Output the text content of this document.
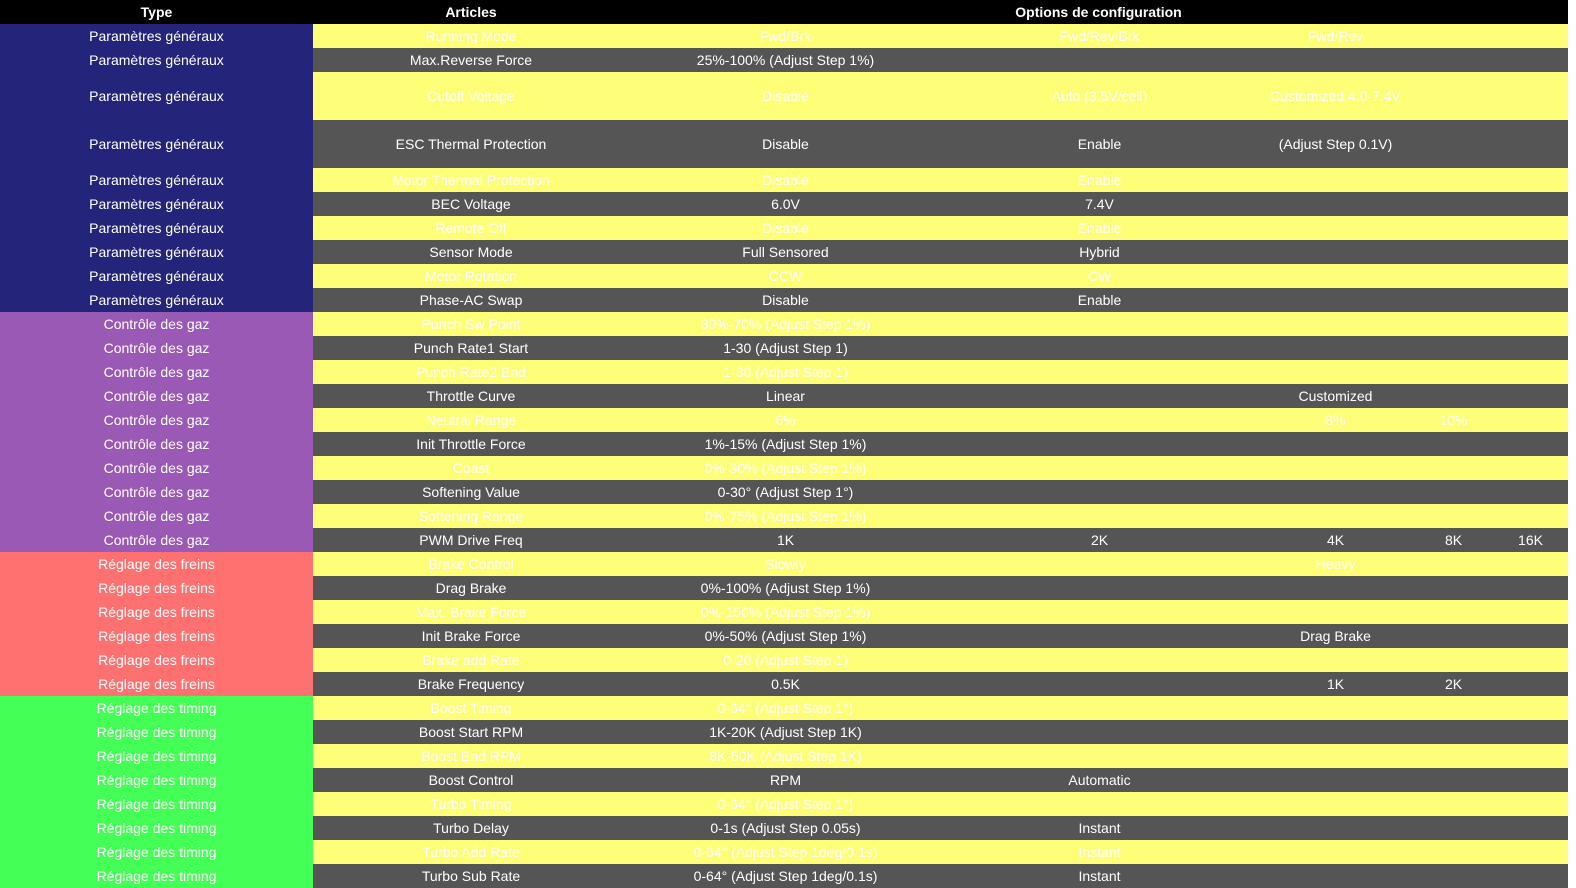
Type	Articles	Options de configuration				
Paramètres généraux	Running Mode	Fwd/Brk	Fwd/Rev/Brk	Fwd/Rev		
Paramètres généraux	Max.Reverse Force	25%-100% (Adjust Step 1%)				
Paramètres généraux	Cutoff Voltage	Disable	Auto (3.5V/cell)	Customized 4.0-7.4V		
Paramètres généraux	ESC Thermal Protection	Disable	Enable	(Adjust Step 0.1V)		
Paramètres généraux	Motor Thermal Protection	Disable	Enable			
Paramètres généraux	BEC Voltage	6.0V	7.4V			
Paramètres généraux	Remote Off	Disable	Enable			
Paramètres généraux	Sensor Mode	Full Sensored	Hybrid			
Paramètres généraux	Motor Rotation	CCW	CW			
Paramètres généraux	Phase-AC Swap	Disable	Enable			
Contrôle des gaz	Punch Sw Point	30%-70% (Adjust Step 1%)				
Contrôle des gaz	Punch Rate1 Start	1-30 (Adjust Step 1)				
Contrôle des gaz	Punch Rate2 End	1-30 (Adjust Step 1)				
Contrôle des gaz	Throttle Curve	Linear		Customized		
Contrôle des gaz	Neutral Range	6%		8%	10%	
Contrôle des gaz	Init Throttle Force	1%-15% (Adjust Step 1%)				
Contrôle des gaz	Coast	0%-30% (Adjust Step 1%)				
Contrôle des gaz	Softening Value	0-30° (Adjust Step 1°)				
Contrôle des gaz	Softening Range	0%-75% (Adjust Step 1%)				
Contrôle des gaz	PWM Drive Freq	1K	2K	4K	8K	16K
Réglage des freins	Brake Control	Slowly		Heavy		
Réglage des freins	Drag Brake	0%-100% (Adjust Step 1%)				
Réglage des freins	Max. Brake Force	0%-150% (Adjust Step 1%)				
Réglage des freins	Init Brake Force	0%-50% (Adjust Step 1%)		Drag Brake		
Réglage des freins	Brake add Rate	0-20 (Adjust Step 1)				
Réglage des freins	Brake Frequency	0.5K		1K	2K	
Réglage des timing	Boost Timing	0-64° (Adjust Step 1°)				
Réglage des timing	Boost Start RPM	1K-20K (Adjust Step 1K)				
Réglage des timing	Boost End RPM	8K-50K (Adjust Step 1K)				
Réglage des timing	Boost Control	RPM	Automatic			
Réglage des timing	Turbo Timing	0-64° (Adjust Step 1°)				
Réglage des timing	Turbo Delay	0-1s (Adjust Step 0.05s)	Instant			
Réglage des timing	Turbo Add Rate	0-64° (Adjust Step 1deg/0.1s)	Instant			
Réglage des timing	Turbo Sub Rate	0-64° (Adjust Step 1deg/0.1s)	Instant			
